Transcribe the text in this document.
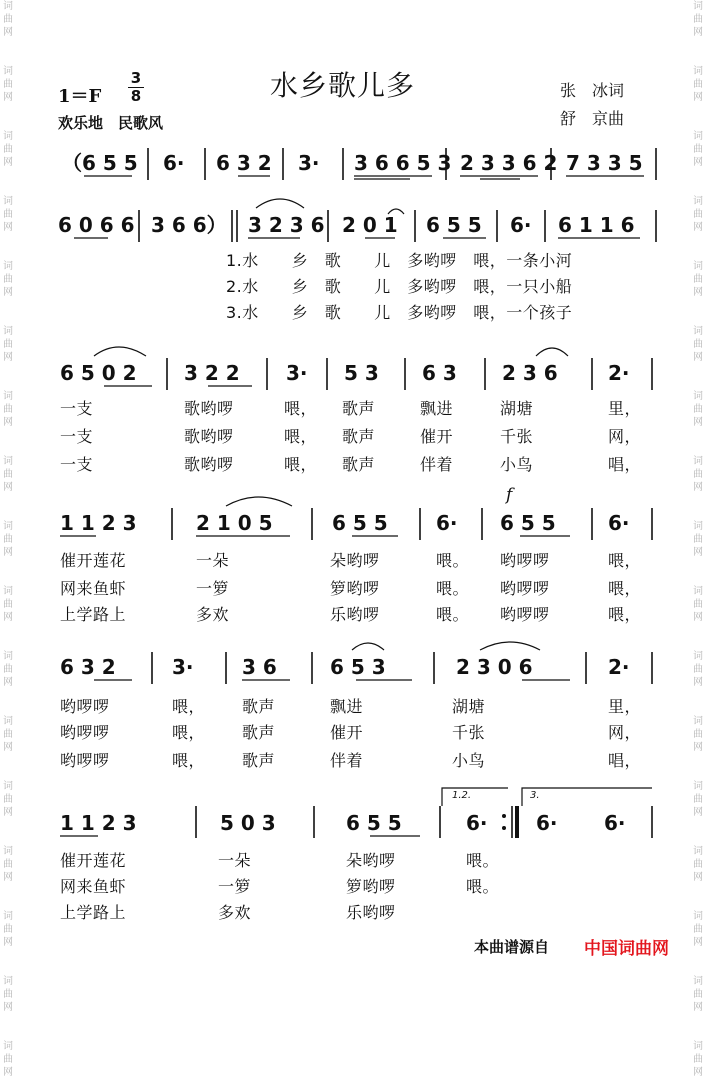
词
曲
网
词
曲
网
词
曲
网
词
曲
网
词
曲
网
词
曲
网
词
曲
网
词
曲
网
词
曲
网
词
曲
网
词
曲
网
词
曲
网
词
曲
网
词
曲
网
词
曲
网
词
曲
网
词
曲
网
词
曲
网
词
曲
网
词
曲
网
词
曲
网
词
曲
网
词
曲
网
词
曲
网
词
曲
网
词
曲
网
词
曲
网
词
曲
网
词
曲
网
词
曲
网
词
曲
网
词
曲
网
词
曲
网
词
曲
网
水乡歌儿多
1＝F
3
8
欢乐地　民歌风
张　冰词
舒　京曲
（6 5 5 6· 6 3 2 3· 3 6 6 5 3 2 3 3 6 2 7 3 3 5
6 0 6 6 3 6 6） 3 2 3 6 2 0 1 6 5 5 6· 6 1 1 6
1.水　　乡　歌　　儿　多哟啰　喂，一条小河
2.水　　乡　歌　　儿　多哟啰　喂，一只小船
3.水　　乡　歌　　儿　多哟啰　喂，一个孩子
6 5 0 2 3 2 2 3· 5 3 6 3 2 3 6	2·
一支	歌哟啰	喂， 歌声	飘进	湖塘	里，
一支	歌哟啰	喂， 歌声	催开	千张	网，
一支	歌哟啰	喂， 歌声	伴着	小鸟	唱，
f
1 1 2 3	2 1 0 5	6 5 5 6· 6 5 5	6·
催开莲花	一朵	朵哟啰	喂。 哟啰啰	喂，
网来鱼虾	一箩	箩哟啰	喂。 哟啰啰	喂，
上学路上	多欢	乐哟啰	喂。 哟啰啰	喂，
6 3 2	3· 3 6	6 5 3	2 3 0 6	2·
哟啰啰	喂， 歌声	飘进	湖塘	里，
哟啰啰	喂， 歌声	催开	千张	网，
哟啰啰	喂， 歌声	伴着	小鸟	唱，
1.2.	3.
1 1 2 3	5 0 3	6 5 5	6· 6· 6·
催开莲花	一朵	朵哟啰	喂。
网来鱼虾	一箩	箩哟啰	喂。
上学路上	多欢	乐哟啰
本曲谱源自 中国词曲网
